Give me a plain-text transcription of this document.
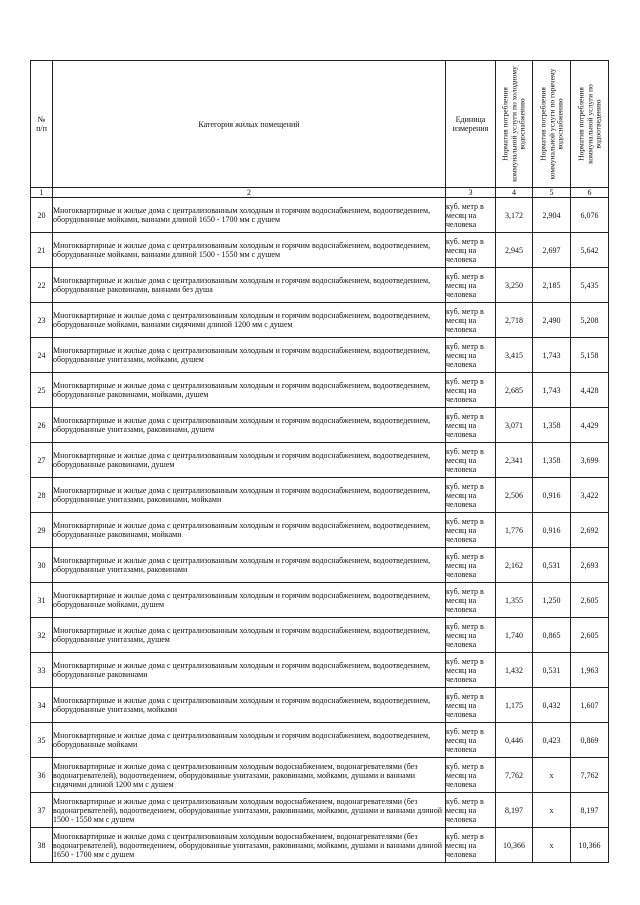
№
п/п	Категория жилых помещений	Единица измерения	Норматив потребления коммунальной услуги по холодному водоснабжению	Норматив потребления коммунальной услуги по горячему водоснабжению	Норматив потребления коммунальной услуги по водоотведению

1	2	3	4	5	6
20	Многоквартирные и жилые дома с централизованным холодным и горячим водоснабжением, водоотведением, оборудованные мойками, ваннами длиной 1650 - 1700 мм с душем	куб. метр в месяц на человека	3,172	2,904	6,076
21	Многоквартирные и жилые дома с централизованным холодным и горячим водоснабжением, водоотведением, оборудованные мойками, ваннами длиной 1500 - 1550 мм с душем	куб. метр в месяц на человека	2,945	2,697	5,642
22	Многоквартирные и жилые дома с централизованным холодным и горячим водоснабжением, водоотведением, оборудованные раковинами, ваннами без душа	куб. метр в месяц на человека	3,250	2,185	5,435
23	Многоквартирные и жилые дома с централизованным холодным и горячим водоснабжением, водоотведением, оборудованные мойками, ваннами сидячими длиной 1200 мм с душем	куб. метр в месяц на человека	2,718	2,490	5,208
24	Многоквартирные и жилые дома с централизованным холодным и горячим водоснабжением, водоотведением, оборудованные унитазами, мойками, душем	куб. метр в месяц на человека	3,415	1,743	5,158
25	Многоквартирные и жилые дома с централизованным холодным и горячим водоснабжением, водоотведением, оборудованные раковинами, мойками, душем	куб. метр в месяц на человека	2,685	1,743	4,428
26	Многоквартирные и жилые дома с централизованным холодным и горячим водоснабжением, водоотведением, оборудованные унитазами, раковинами, душем	куб. метр в месяц на человека	3,071	1,358	4,429
27	Многоквартирные и жилые дома с централизованным холодным и горячим водоснабжением, водоотведением, оборудованные раковинами, душем	куб. метр в месяц на человека	2,341	1,358	3,699
28	Многоквартирные и жилые дома с централизованным холодным и горячим водоснабжением, водоотведением, оборудованные унитазами, раковинами, мойками	куб. метр в месяц на человека	2,506	0,916	3,422
29	Многоквартирные и жилые дома с централизованным холодным и горячим водоснабжением, водоотведением, оборудованные раковинами, мойками	куб. метр в месяц на человека	1,776	0,916	2,692
30	Многоквартирные и жилые дома с централизованным холодным и горячим водоснабжением, водоотведением, оборудованные унитазами, раковинами	куб. метр в месяц на человека	2,162	0,531	2,693
31	Многоквартирные и жилые дома с централизованным холодным и горячим водоснабжением, водоотведением, оборудованные мойками, душем	куб. метр в месяц на человека	1,355	1,250	2,605
32	Многоквартирные и жилые дома с централизованным холодным и горячим водоснабжением, водоотведением, оборудованные унитазами, душем	куб. метр в месяц на человека	1,740	0,865	2,605
33	Многоквартирные и жилые дома с централизованным холодным и горячим водоснабжением, водоотведением, оборудованные раковинами	куб. метр в месяц на человека	1,432	0,531	1,963
34	Многоквартирные и жилые дома с централизованным холодным и горячим водоснабжением, водоотведением, оборудованные унитазами, мойками	куб. метр в месяц на человека	1,175	0,432	1,607
35	Многоквартирные и жилые дома с централизованным холодным и горячим водоснабжением, водоотведением, оборудованные мойками	куб. метр в месяц на человека	0,446	0,423	0,869
36	Многоквартирные и жилые дома с централизованным холодным водоснабжением, водонагревателями (без водонагревателей), водоотведением, оборудованные унитазами, раковинами, мойками, душами и ваннами сидячими длиной 1200 мм с душем	куб. метр в месяц на человека	7,762	x	7,762
37	Многоквартирные и жилые дома с централизованным холодным водоснабжением, водонагревателями (без водонагревателей), водоотведением, оборудованные унитазами, раковинами, мойками, душами и ваннами длиной 1500 - 1550 мм с душем	куб. метр в месяц на человека	8,197	x	8,197
38	Многоквартирные и жилые дома с централизованным холодным водоснабжением, водонагревателями (без водонагревателей), водоотведением, оборудованные унитазами, раковинами, мойками, душами и ваннами длиной 1650 - 1700 мм с душем	куб. метр в месяц на человека	10,366	x	10,366
